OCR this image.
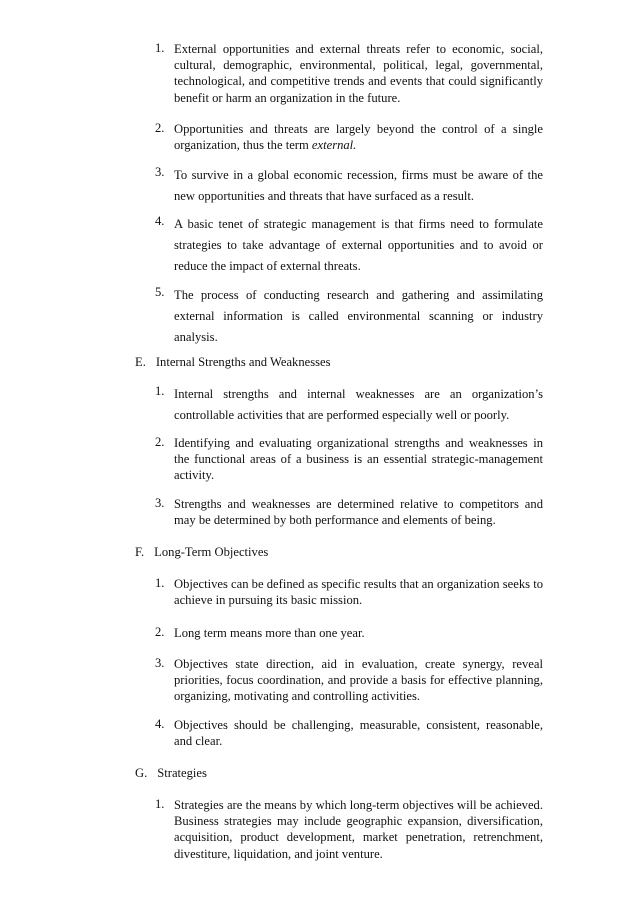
1. External opportunities and external threats refer to economic, social, cultural, demographic, environmental, political, legal, governmental, technological, and competitive trends and events that could significantly benefit or harm an organization in the future.
2. Opportunities and threats are largely beyond the control of a single organization, thus the term external.
3. To survive in a global economic recession, firms must be aware of the new opportunities and threats that have surfaced as a result.
4. A basic tenet of strategic management is that firms need to formulate strategies to take advantage of external opportunities and to avoid or reduce the impact of external threats.
5. The process of conducting research and gathering and assimilating external information is called environmental scanning or industry analysis.
E. Internal Strengths and Weaknesses
1. Internal strengths and internal weaknesses are an organization’s controllable activities that are performed especially well or poorly.
2. Identifying and evaluating organizational strengths and weaknesses in the functional areas of a business is an essential strategic-management activity.
3. Strengths and weaknesses are determined relative to competitors and may be determined by both performance and elements of being.
F. Long-Term Objectives
1. Objectives can be defined as specific results that an organization seeks to achieve in pursuing its basic mission.
2. Long term means more than one year.
3. Objectives state direction, aid in evaluation, create synergy, reveal priorities, focus coordination, and provide a basis for effective planning, organizing, motivating and controlling activities.
4. Objectives should be challenging, measurable, consistent, reasonable, and clear.
G. Strategies
1. Strategies are the means by which long-term objectives will be achieved. Business strategies may include geographic expansion, diversification, acquisition, product development, market penetration, retrenchment, divestiture, liquidation, and joint venture.
